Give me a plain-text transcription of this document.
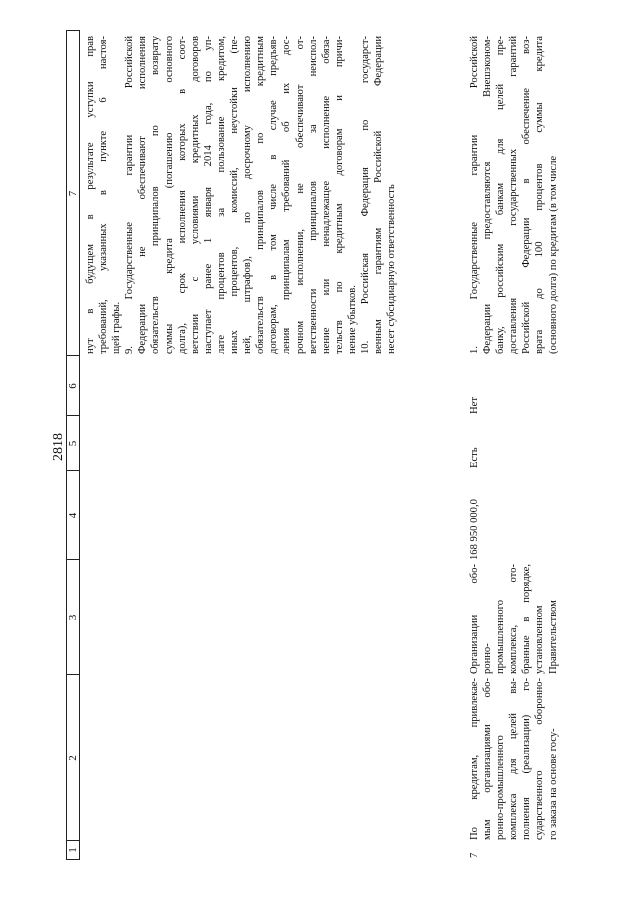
2818
1
2
3
4
5
6
7 нут в будущем в результате уступки прав требований, указанных в пункте 6 настоя- щей графы. 9. Государственные гарантии Российской Федерации не обеспечивают исполнения обязательств принципалов по возврату суммы кредита (погашению основного долга), срок исполнения которых в соот- ветствии с условиями кредитных договоров наступает ранее 1 января 2014 года, по уп- лате процентов за пользование кредитом, иных процентов, комиссий, неустойки (пе- ней, штрафов), по досрочному исполнению обязательств принципалов по кредитным договорам, в том числе в случае предъяв- ления принципалам требований об их дос- рочном исполнении, не обеспечивают от- ветственности принципалов за неиспол- нение или ненадлежащее исполнение обяза- тельств по кредитным договорам и причи- нение убытков. 10. Российская Федерация по государст- венным гарантиям Российской Федерации несет субсидиарную ответственность
7
По кредитам, привлекае- мым организациями обо- ронно-промышленного комплекса для целей вы- полнения (реализации) го- сударственного оборонно- го заказа на основе госу-
Организации обо- ронно- промышленного комплекса, ото- бранные в порядке, установленном Правительством
168 950 000,0
Есть
Нет
1. Государственные гарантии Российской Федерации предоставляются Внешэконом- банку, российским банкам для целей пре- доставления государственных гарантий Российской Федерации в обеспечение воз- врата до 100 процентов суммы кредита (основного долга) по кредитам (в том числе
